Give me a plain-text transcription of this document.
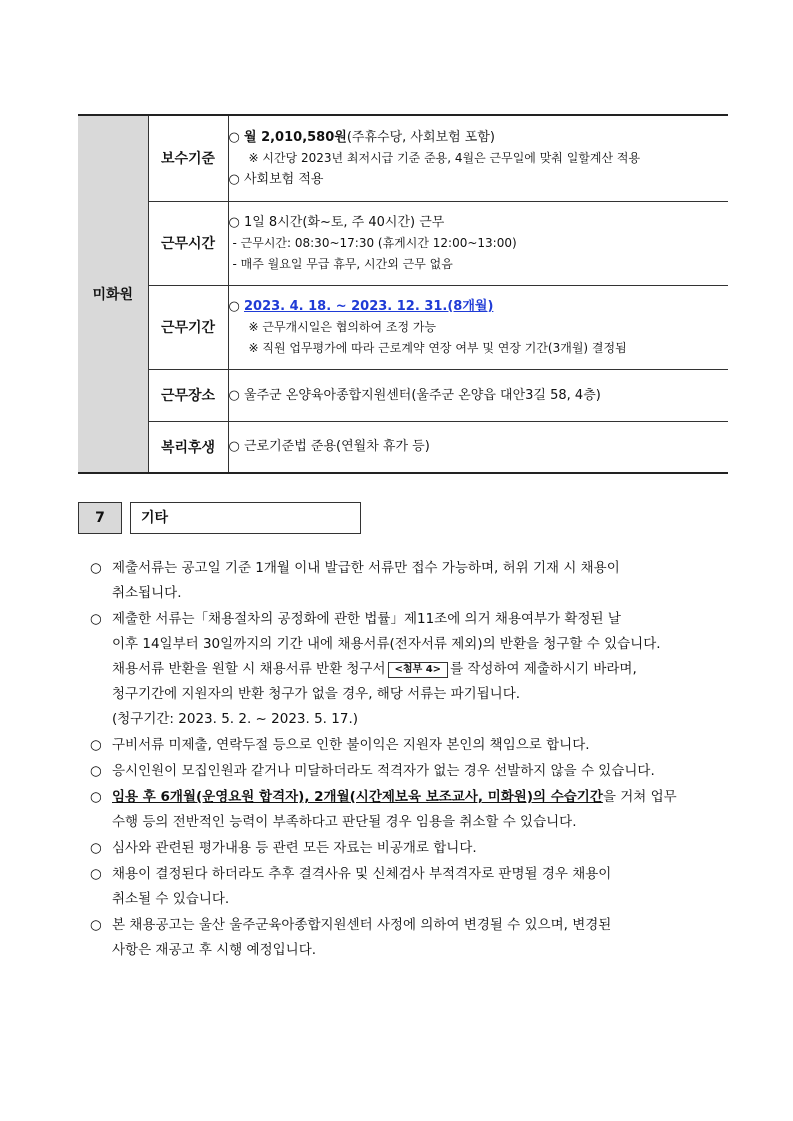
미화원	보수기준	○ 월 2,010,580원(주휴수당, 사회보험 포함)
※ 시간당 2023년 최저시급 기준 준용, 4월은 근무일에 맞춰 일할계산 적용
○ 사회보험 적용

	근무시간	○ 1일 8시간(화~토, 주 40시간) 근무
- 근무시간: 08:30~17:30 (휴게시간 12:00~13:00)
- 매주 월요일 무급 휴무, 시간외 근무 없음

	근무기간	○ 2023. 4. 18. ~ 2023. 12. 31.(8개월)
※ 근무개시일은 협의하여 조정 가능
※ 직원 업무평가에 따라 근로계약 연장 여부 및 연장 기간(3개월) 결정됨

	근무장소	○ 울주군 온양육아종합지원센터(울주군 온양읍 대안3길 58, 4층)

	복리후생	○ 근로기준법 준용(연월차 휴가 등)
7	기타
○ 제출서류는 공고일 기준 1개월 이내 발급한 서류만 접수 가능하며, 허위 기재 시 채용이
취소됩니다.
○ 제출한 서류는「채용절차의 공정화에 관한 법률」제11조에 의거 채용여부가 확정된 날
이후 14일부터 30일까지의 기간 내에 채용서류(전자서류 제외)의 반환을 청구할 수 있습니다.
채용서류 반환을 원할 시 채용서류 반환 청구서 <첨부 4> 를 작성하여 제출하시기 바라며,
청구기간에 지원자의 반환 청구가 없을 경우, 해당 서류는 파기됩니다.
(청구기간: 2023. 5. 2. ~ 2023. 5. 17.)
○ 구비서류 미제출, 연락두절 등으로 인한 불이익은 지원자 본인의 책임으로 합니다.
○ 응시인원이 모집인원과 같거나 미달하더라도 적격자가 없는 경우 선발하지 않을 수 있습니다.
○ 임용 후 6개월(운영요원 합격자), 2개월(시간제보육 보조교사, 미화원)의 수습기간을 거쳐 업무
수행 등의 전반적인 능력이 부족하다고 판단될 경우 임용을 취소할 수 있습니다.
○ 심사와 관련된 평가내용 등 관련 모든 자료는 비공개로 합니다.
○ 채용이 결정된다 하더라도 추후 결격사유 및 신체검사 부적격자로 판명될 경우 채용이
취소될 수 있습니다.
○ 본 채용공고는 울산 울주군육아종합지원센터 사정에 의하여 변경될 수 있으며, 변경된
사항은 재공고 후 시행 예정입니다.
